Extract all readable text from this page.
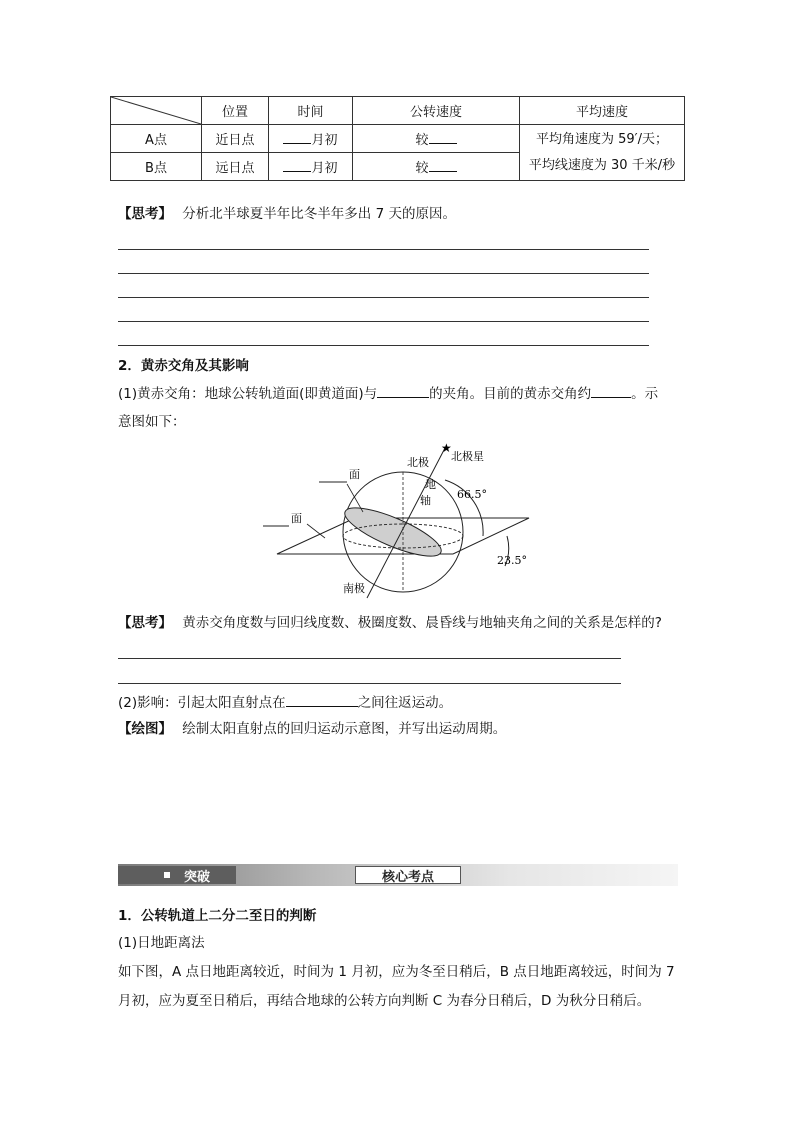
	位置	时间	公转速度	平均速度
A点	近日点	月初	较	平均角速度为 59′/天；
平均线速度为 30 千米/秒

B点	远日点	月初	较	
【思考】 分析北半球夏半年比冬半年多出 7 天的原因。
2．黄赤交角及其影响
(1)黄赤交角：地球公转轨道面(即黄道面)与	的夹角。目前的黄赤交角约	。示
意图如下：
★
北极 北极星
地
轴 66.5°
23.5°
南极
面
面
【思考】 黄赤交角度数与回归线度数、极圈度数、晨昏线与地轴夹角之间的关系是怎样的?
(2)影响：引起太阳直射点在	之间往返运动。
【绘图】 绘制太阳直射点的回归运动示意图，并写出运动周期。
突破	核心考点
1．公转轨道上二分二至日的判断
(1)日地距离法
如下图，A 点日地距离较近，时间为 1 月初，应为冬至日稍后，B 点日地距离较远，时间为 7
月初，应为夏至日稍后，再结合地球的公转方向判断 C 为春分日稍后，D 为秋分日稍后。
